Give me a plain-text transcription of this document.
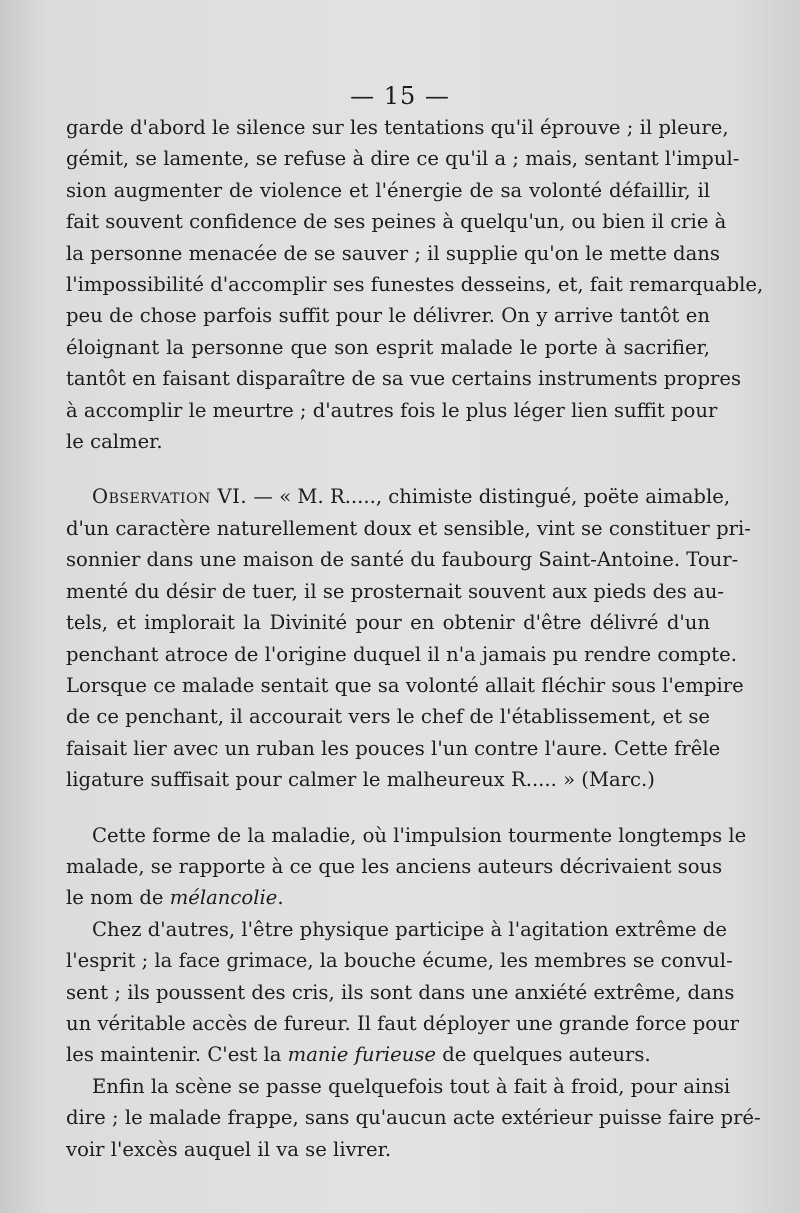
— 15 —

garde d'abord le silence sur les tentations qu'il éprouve ; il pleure,
gémit, se lamente, se refuse à dire ce qu'il a ; mais, sentant l'impul-
sion augmenter de violence et l'énergie de sa volonté défaillir, il
fait souvent confidence de ses peines à quelqu'un, ou bien il crie à
la personne menacée de se sauver ; il supplie qu'on le mette dans
l'impossibilité d'accomplir ses funestes desseins, et, fait remarquable,
peu de chose parfois suffit pour le délivrer. On y arrive tantôt en
éloignant la personne que son esprit malade le porte à sacrifier,
tantôt en faisant disparaître de sa vue certains instruments propres
à accomplir le meurtre ; d'autres fois le plus léger lien suffit pour
le calmer.

Observation VI. — « M. R....., chimiste distingué, poëte aimable,
d'un caractère naturellement doux et sensible, vint se constituer pri-
sonnier dans une maison de santé du faubourg Saint-Antoine. Tour-
menté du désir de tuer, il se prosternait souvent aux pieds des au-
tels, et implorait la Divinité pour en obtenir d'être délivré d'un
penchant atroce de l'origine duquel il n'a jamais pu rendre compte.
Lorsque ce malade sentait que sa volonté allait fléchir sous l'empire
de ce penchant, il accourait vers le chef de l'établissement, et se
faisait lier avec un ruban les pouces l'un contre l'aure. Cette frêle
ligature suffisait pour calmer le malheureux R..... » (Marc.)

Cette forme de la maladie, où l'impulsion tourmente longtemps le
malade, se rapporte à ce que les anciens auteurs décrivaient sous
le nom de mélancolie.

Chez d'autres, l'être physique participe à l'agitation extrême de
l'esprit ; la face grimace, la bouche écume, les membres se convul-
sent ; ils poussent des cris, ils sont dans une anxiété extrême, dans
un véritable accès de fureur. Il faut déployer une grande force pour
les maintenir. C'est la manie furieuse de quelques auteurs.

Enfin la scène se passe quelquefois tout à fait à froid, pour ainsi
dire ; le malade frappe, sans qu'aucun acte extérieur puisse faire pré-
voir l'excès auquel il va se livrer.
